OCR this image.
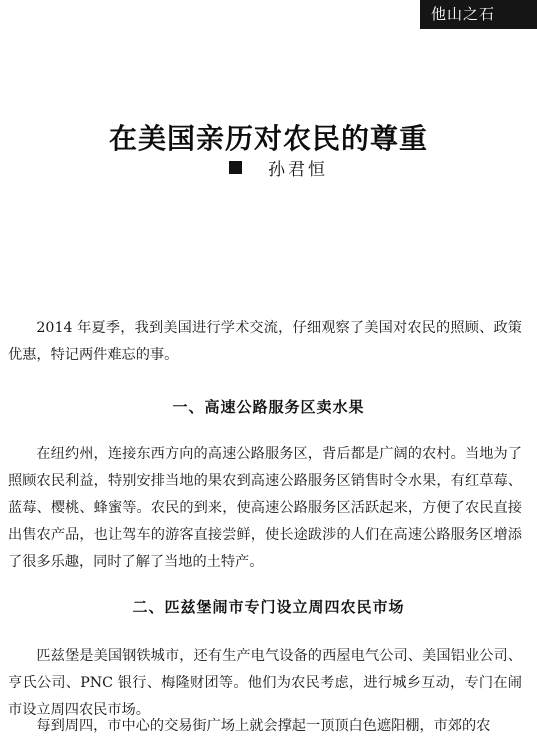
他山之石
在美国亲历对农民的尊重
孙君恒

2014 年夏季，我到美国进行学术交流，仔细观察了美国对农民的照顾、政策优惠，特记两件难忘的事。

一、高速公路服务区卖水果

在纽约州，连接东西方向的高速公路服务区，背后都是广阔的农村。当地为了照顾农民利益，特别安排当地的果农到高速公路服务区销售时令水果，有红草莓、蓝莓、樱桃、蜂蜜等。农民的到来，使高速公路服务区活跃起来，方便了农民直接出售农产品，也让驾车的游客直接尝鲜，使长途跋涉的人们在高速公路服务区增添了很多乐趣，同时了解了当地的土特产。

二、匹兹堡闹市专门设立周四农民市场

匹兹堡是美国钢铁城市，还有生产电气设备的西屋电气公司、美国铝业公司、亨氏公司、PNC 银行、梅隆财团等。他们为农民考虑，进行城乡互动，专门在闹市设立周四农民市场。

每到周四，市中心的交易街广场上就会撑起一顶顶白色遮阳棚，市郊的农
